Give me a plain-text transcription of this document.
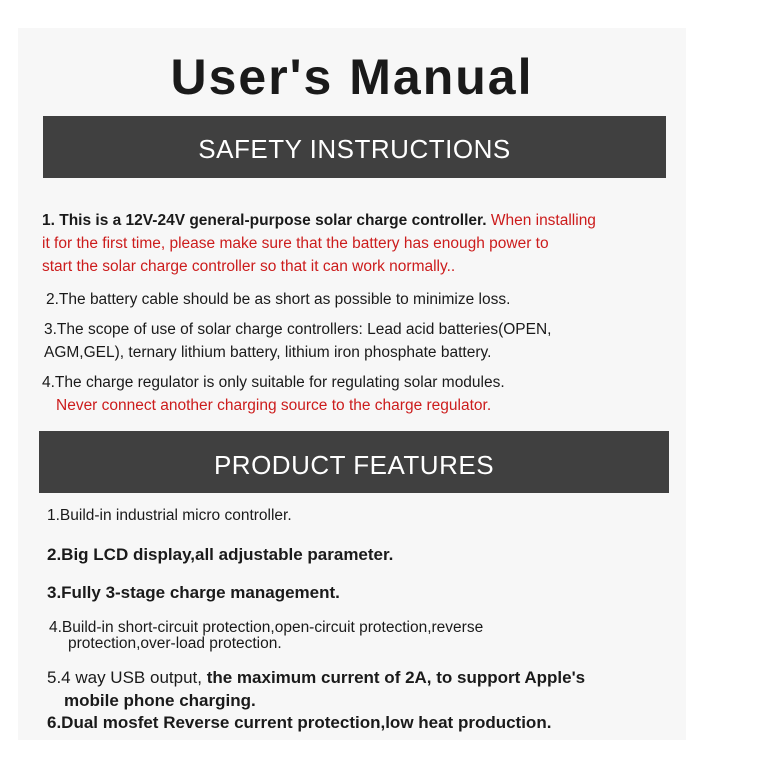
User's Manual
SAFETY INSTRUCTIONS
1. This is a 12V-24V general-purpose solar charge controller. When installing
it for the first time, please make sure that the battery has enough power to
start the solar charge controller so that it can work normally..
2.The battery cable should be as short as possible to minimize loss.
3.The scope of use of solar charge controllers: Lead acid batteries(OPEN,
AGM,GEL), ternary lithium battery, lithium iron phosphate battery.
4.The charge regulator is only suitable for regulating solar modules.
Never connect another charging source to the charge regulator.
PRODUCT FEATURES
1.Build-in industrial micro controller.
2.Big LCD display,all adjustable parameter.
3.Fully 3-stage charge management.
4.Build-in short-circuit protection,open-circuit protection,reverse
protection,over-load protection.
5.4 way USB output, the maximum current of 2A, to support Apple's
mobile phone charging.
6.Dual mosfet Reverse current protection,low heat production.
